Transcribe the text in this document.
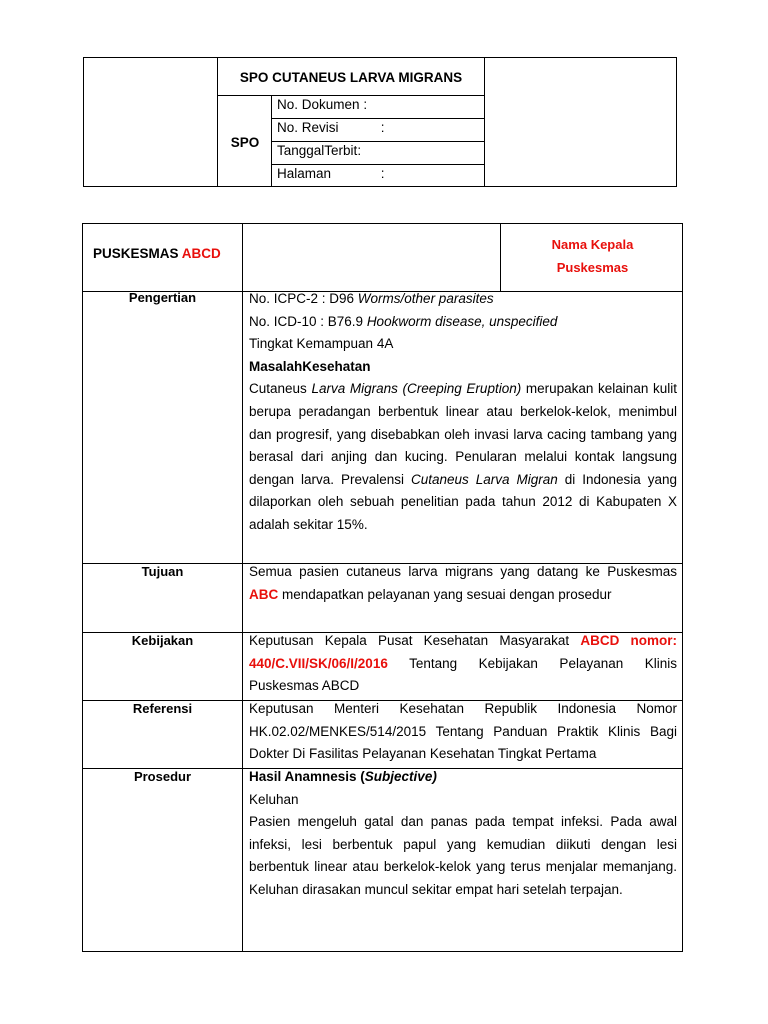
SPO CUTANEUS LARVA MIGRANS
SPO
No. Dokumen :
No. Revisi	:
TanggalTerbit:
Halaman	:
PUSKESMAS ABCD
Nama Kepala
Puskesmas
Pengertian	No. ICPC-2 : D96 Worms/other parasites

No. ICD-10 : B76.9 Hookworm disease, unspecified

Tingkat Kemampuan 4A

MasalahKesehatan

Cutaneus Larva Migrans (Creeping Eruption) merupakan kelainan kulit berupa peradangan berbentuk linear atau berkelok-kelok, menimbul dan progresif, yang disebabkan oleh invasi larva cacing tambang yang berasal dari anjing dan kucing. Penularan melalui kontak langsung dengan larva. Prevalensi Cutaneus Larva Migran di Indonesia yang dilaporkan oleh sebuah penelitian pada tahun 2012 di Kabupaten X adalah sekitar 15%.

Tujuan	Semua pasien cutaneus larva migrans yang datang ke Puskesmas ABC mendapatkan pelayanan yang sesuai dengan prosedur
Kebijakan	Keputusan Kepala Pusat Kesehatan Masyarakat ABCD nomor: 440/C.VII/SK/06/I/2016 Tentang Kebijakan Pelayanan Klinis Puskesmas ABCD
Referensi	Keputusan Menteri Kesehatan Republik Indonesia Nomor HK.02.02/MENKES/514/2015 Tentang Panduan Praktik Klinis Bagi Dokter Di Fasilitas Pelayanan Kesehatan Tingkat Pertama
Prosedur	Hasil Anamnesis (Subjective)

Keluhan

Pasien mengeluh gatal dan panas pada tempat infeksi. Pada awal infeksi, lesi berbentuk papul yang kemudian diikuti dengan lesi berbentuk linear atau berkelok-kelok yang terus menjalar memanjang. Keluhan dirasakan muncul sekitar empat hari setelah terpajan.
